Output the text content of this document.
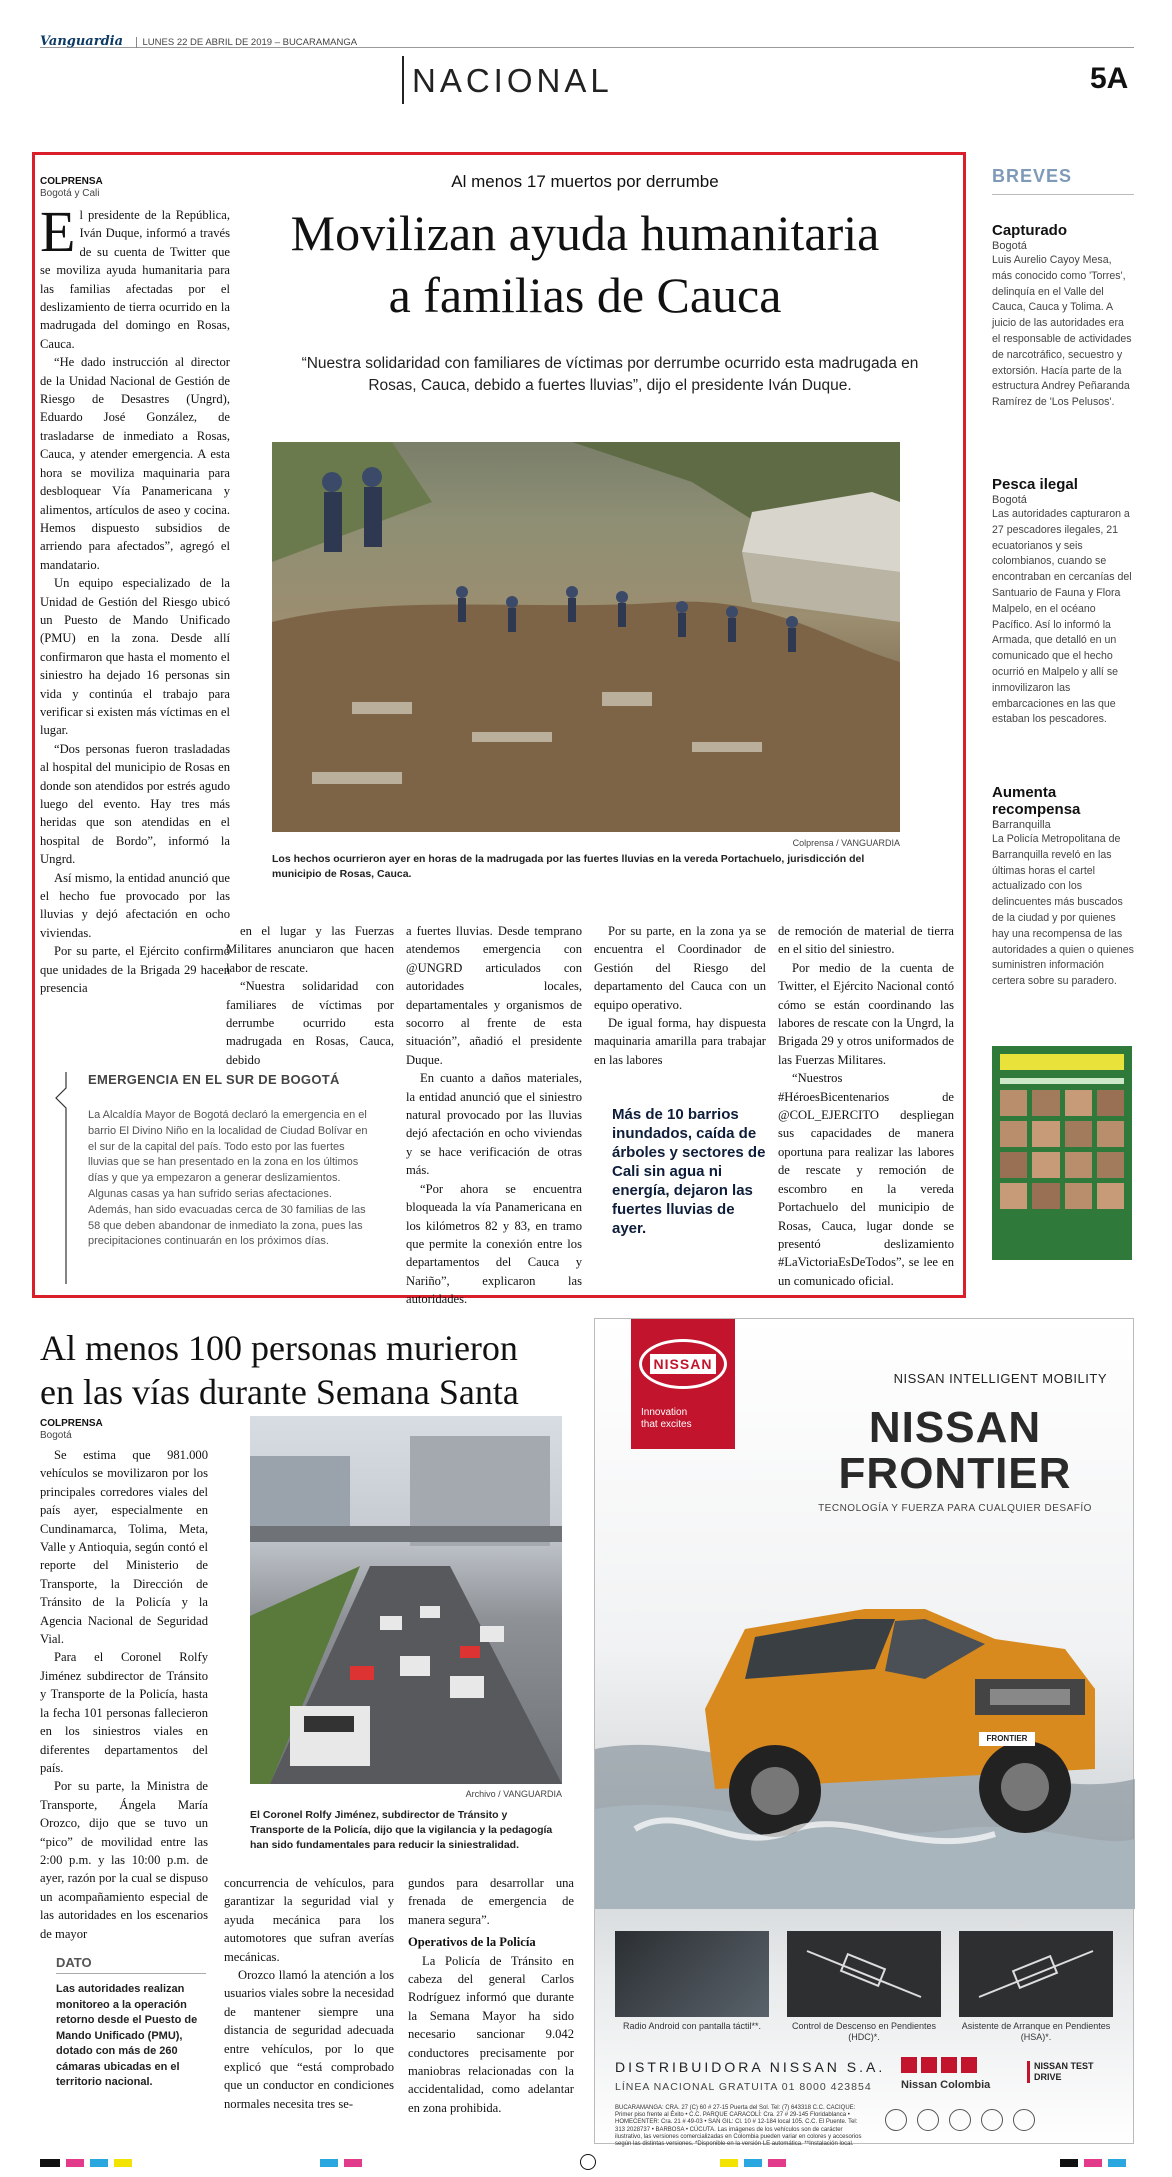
Vanguardia LUNES 22 DE ABRIL DE 2019 – BUCARAMANGA
NACIONAL	5A
COLPRENSA
Bogotá y Cali
Al menos 17 muertos por derrumbe
Movilizan ayuda humanitaria
a familias de Cauca
“Nuestra solidaridad con familiares de víctimas por derrumbe ocurrido esta madrugada en Rosas, Cauca, debido a fuertes lluvias”, dijo el presidente Iván Duque.

El presidente de la República, Iván Duque, informó a través de su cuenta de Twitter que se moviliza ayuda humanitaria para las familias afectadas por el deslizamiento de tierra ocurrido en la madrugada del domingo en Rosas, Cauca.

“He dado instrucción al director de la Unidad Nacional de Gestión de Riesgo de Desastres (Ungrd), Eduardo José González, de trasladarse de inmediato a Rosas, Cauca, y atender emergencia. A esta hora se moviliza maquinaria para desbloquear Vía Panamericana y alimentos, artículos de aseo y cocina. Hemos dispuesto subsidios de arriendo para afectados”, agregó el mandatario.

Un equipo especializado de la Unidad de Gestión del Riesgo ubicó un Puesto de Mando Unificado (PMU) en la zona. Desde allí confirmaron que hasta el momento el siniestro ha dejado 16 personas sin vida y continúa el trabajo para verificar si existen más víctimas en el lugar.

“Dos personas fueron trasladadas al hospital del municipio de Rosas en donde son atendidos por estrés agudo luego del evento. Hay tres más heridas que son atendidas en el hospital de Bordo”, informó la Ungrd.

Así mismo, la entidad anunció que el hecho fue provocado por las lluvias y dejó afectación en ocho viviendas.

Por su parte, el Ejército confirmó que unidades de la Brigada 29 hacen presencia

Colprensa / VANGUARDIA
Los hechos ocurrieron ayer en horas de la madrugada por las fuertes lluvias en la vereda Portachuelo, jurisdicción del municipio de Rosas, Cauca.

en el lugar y las Fuerzas Militares anunciaron que hacen labor de rescate.

“Nuestra solidaridad con familiares de víctimas por derrumbe ocurrido esta madrugada en Rosas, Cauca, debido

a fuertes lluvias. Desde temprano atendemos emergencia con @UNGRD articulados con autoridades locales, departamentales y organismos de socorro al frente de esta situación”, añadió el presidente Duque.

En cuanto a daños materiales, la entidad anunció que el siniestro natural provocado por las lluvias dejó afectación en ocho viviendas y se hace verificación de otras más.

“Por ahora se encuentra bloqueada la vía Panamericana en los kilómetros 82 y 83, en tramo que permite la conexión entre los departamentos del Cauca y Nariño”, explicaron las autoridades.

Por su parte, en la zona ya se encuentra el Coordinador de Gestión del Riesgo del departamento del Cauca con un equipo operativo.

De igual forma, hay dispuesta maquinaria amarilla para trabajar en las labores

Más de 10 barrios inundados, caída de árboles y sectores de Cali sin agua ni energía, dejaron las fuertes lluvias de ayer.

de remoción de material de tierra en el sitio del siniestro.

Por medio de la cuenta de Twitter, el Ejército Nacional contó cómo se están coordinando las labores de rescate con la Ungrd, la Brigada 29 y otros uniformados de las Fuerzas Militares.

“Nuestros #HéroesBicentenarios de @COL_EJERCITO despliegan sus capacidades de manera oportuna para realizar las labores de rescate y remoción de escombro en la vereda Portachuelo del municipio de Rosas, Cauca, lugar donde se presentó deslizamiento #LaVictoriaEsDeTodos”, se lee en un comunicado oficial.

EMERGENCIA EN EL SUR DE BOGOTÁ
La Alcaldía Mayor de Bogotá declaró la emergencia en el barrio El Divino Niño en la localidad de Ciudad Bolívar en el sur de la capital del país. Todo esto por las fuertes lluvias que se han presentado en la zona en los últimos días y que ya empezaron a generar deslizamientos. Algunas casas ya han sufrido serias afectaciones. Además, han sido evacuadas cerca de 30 familias de las 58 que deben abandonar de inmediato la zona, pues las precipitaciones continuarán en los próximos días.
BREVES
Capturado
Bogotá
Luis Aurelio Cayoy Mesa, más conocido como 'Torres', delinquía en el Valle del Cauca, Cauca y Tolima. A juicio de las autoridades era el responsable de actividades de narcotráfico, secuestro y extorsión. Hacía parte de la estructura Andrey Peñaranda Ramírez de 'Los Pelusos'.
Pesca ilegal
Bogotá
Las autoridades capturaron a 27 pescadores ilegales, 21 ecuatorianos y seis colombianos, cuando se encontraban en cercanías del Santuario de Fauna y Flora Malpelo, en el océano Pacífico. Así lo informó la Armada, que detalló en un comunicado que el hecho ocurrió en Malpelo y allí se inmovilizaron las embarcaciones en las que estaban los pescadores.
Aumenta
recompensa
Barranquilla
La Policía Metropolitana de Barranquilla reveló en las últimas horas el cartel actualizado con los delincuentes más buscados de la ciudad y por quienes hay una recompensa de las autoridades a quien o quienes suministren información certera sobre su paradero.
Al menos 100 personas murieron
en las vías durante Semana Santa
COLPRENSA
Bogotá

Se estima que 981.000 vehículos se movilizaron por los principales corredores viales del país ayer, especialmente en Cundinamarca, Tolima, Meta, Valle y Antioquia, según contó el reporte del Ministerio de Transporte, la Dirección de Tránsito de la Policía y la Agencia Nacional de Seguridad Vial.

Para el Coronel Rolfy Jiménez subdirector de Tránsito y Transporte de la Policía, hasta la fecha 101 personas fallecieron en los siniestros viales en diferentes departamentos del país.

Por su parte, la Ministra de Transporte, Ángela María Orozco, dijo que se tuvo un “pico” de movilidad entre las 2:00 p.m. y las 10:00 p.m. de ayer, razón por la cual se dispuso un acompañamiento especial de las autoridades en los escenarios de mayor

DATO
Las autoridades realizan monitoreo a la operación retorno desde el Puesto de Mando Unificado (PMU), dotado con más de 260 cámaras ubicadas en el territorio nacional.
Archivo / VANGUARDIA
El Coronel Rolfy Jiménez, subdirector de Tránsito y Transporte de la Policía, dijo que la vigilancia y la pedagogía han sido fundamentales para reducir la siniestralidad.

concurrencia de vehículos, para garantizar la seguridad vial y ayuda mecánica para los automotores que sufran averías mecánicas.

Orozco llamó la atención a los usuarios viales sobre la necesidad de mantener siempre una distancia de seguridad adecuada entre vehículos, por lo que explicó que “está comprobado que un conductor en condiciones normales necesita tres se-

gundos para desarrollar una frenada de emergencia de manera segura”.

Operativos de la Policía

La Policía de Tránsito en cabeza del general Carlos Rodríguez informó que durante la Semana Mayor ha sido necesario sancionar 9.042 conductores precisamente por maniobras relacionadas con la accidentalidad, como adelantar en zona prohibida.

NISSAN
Innovation
that excites
NISSAN INTELLIGENT MOBILITY
NISSAN
FRONTIER
TECNOLOGÍA Y FUERZA PARA CUALQUIER DESAFÍO
FRONTIER
Radio Android con pantalla táctil**.	Control de Descenso en Pendientes (HDC)*.
Asistente de Arranque en Pendientes (HSA)*.
DISTRIBUIDORA NISSAN S.A.
LÍNEA NACIONAL GRATUITA 01 8000 423854	Nissan Colombia
NISSAN TEST DRIVE
BUCARAMANGA: CRA. 27 (C) 60 # 27-15 Puerta del Sol. Tel: (7) 643318 C.C. CACIQUE: Primer piso frente al Éxito • C.C. PARQUE CARACOLÍ: Cra. 27 # 29-145 Floridablanca • HOMECENTER: Cra. 21 # 49-03 • SAN GIL: Cl. 10 # 12-184 local 105. C.C. El Puente. Tel: 313 2028737 • BARBOSA • CÚCUTA. Las imágenes de los vehículos son de carácter ilustrativo, las versiones comercializadas en Colombia pueden variar en colores y accesorios según las distintas versiones. *Disponible en la versión LE automática. **Instalación local.
